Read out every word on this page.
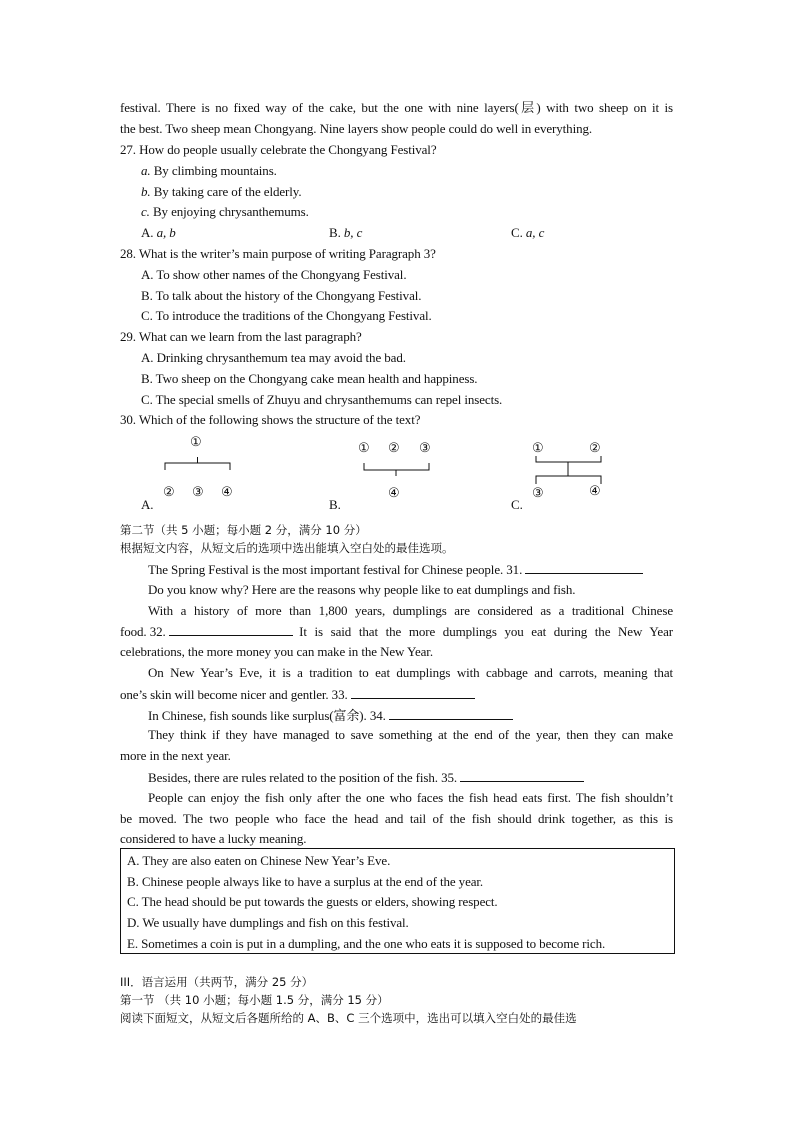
festival. There is no fixed way of the cake, but the one with nine layers(层) with two sheep on it is
the best. Two sheep mean Chongyang. Nine layers show people could do well in everything.
27. How do people usually celebrate the Chongyang Festival?
a. By climbing mountains.
b. By taking care of the elderly.
c. By enjoying chrysanthemums.
A. a, b	B. b, c	C. a, c
28. What is the writer’s main purpose of writing Paragraph 3?
A. To show other names of the Chongyang Festival.
B. To talk about the history of the Chongyang Festival.
C. To introduce the traditions of the Chongyang Festival.
29. What can we learn from the last paragraph?
A. Drinking chrysanthemum tea may avoid the bad.
B. Two sheep on the Chongyang cake mean health and happiness.
C. The special smells of Zhuyu and chrysanthemums can repel insects.
30. Which of the following shows the structure of the text?
A.
①
② ③ ④
B.
① ② ③
④
C.
①	②
③	④
第二节（共 5 小题；每小题 2 分，满分 10 分）
根据短文内容，从短文后的选项中选出能填入空白处的最佳选项。
The Spring Festival is the most important festival for Chinese people. 31.
Do you know why? Here are the reasons why people like to eat dumplings and fish.
With a history of more than 1,800 years, dumplings are considered as a traditional Chinese
food. 32.

	It is said that the more dumplings you eat during the New Year
celebrations, the more money you can make in the New Year.
On New Year’s Eve, it is a tradition to eat dumplings with cabbage and carrots, meaning that
one’s skin will become nicer and gentler. 33.
In Chinese, fish sounds like surplus(富余). 34.
They think if they have managed to save something at the end of the year, then they can make
more in the next year.
Besides, there are rules related to the position of the fish. 35.
People can enjoy the fish only after the one who faces the fish head eats first. The fish shouldn’t
be moved. The two people who face the head and tail of the fish should drink together, as this is
considered to have a lucky meaning.
A. They are also eaten on Chinese New Year’s Eve.
B. Chinese people always like to have a surplus at the end of the year.
C. The head should be put towards the guests or elders, showing respect.
D. We usually have dumplings and fish on this festival.
E. Sometimes a coin is put in a dumpling, and the one who eats it is supposed to become rich.
III．语言运用（共两节，满分 25 分）
第一节 （共 10 小题；每小题 1.5 分，满分 15 分）
阅读下面短文，从短文后各题所给的 A、B、C 三个选项中，选出可以填入空白处的最佳选
